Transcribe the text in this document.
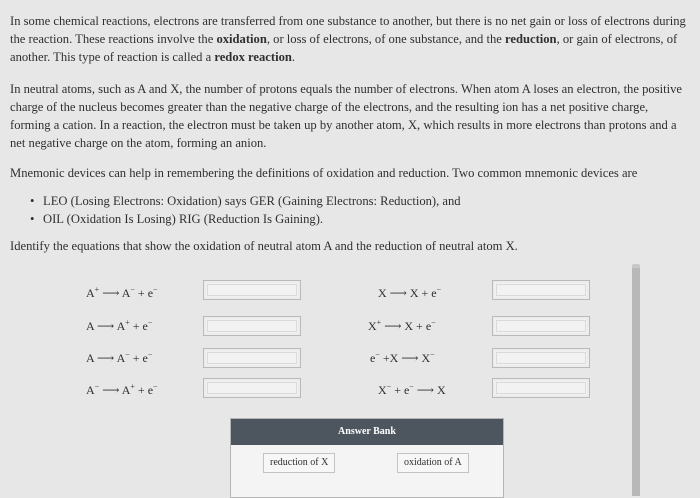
In some chemical reactions, electrons are transferred from one substance to another, but there is no net gain or loss of electrons during the reaction. These reactions involve the oxidation, or loss of electrons, of one substance, and the reduction, or gain of electrons, of another. This type of reaction is called a redox reaction.

In neutral atoms, such as A and X, the number of protons equals the number of electrons. When atom A loses an electron, the positive charge of the nucleus becomes greater than the negative charge of the electrons, and the resulting ion has a net positive charge, forming a cation. In a reaction, the electron must be taken up by another atom, X, which results in more electrons than protons and a net negative charge on the atom, forming an anion.

Mnemonic devices can help in remembering the definitions of oxidation and reduction. Two common mnemonic devices are

• LEO (Losing Electrons: Oxidation) says GER (Gaining Electrons: Reduction), and
• OIL (Oxidation Is Losing) RIG (Reduction Is Gaining).

Identify the equations that show the oxidation of neutral atom A and the reduction of neutral atom X.

A+ ⟶ A− + e−
A ⟶ A+ + e−
A ⟶ A− + e−
A− ⟶ A+ + e−
X ⟶ X + e−
X+ ⟶ X + e−
e− +X ⟶ X−
X− + e− ⟶ X
Answer Bank
reduction of X	oxidation of A
